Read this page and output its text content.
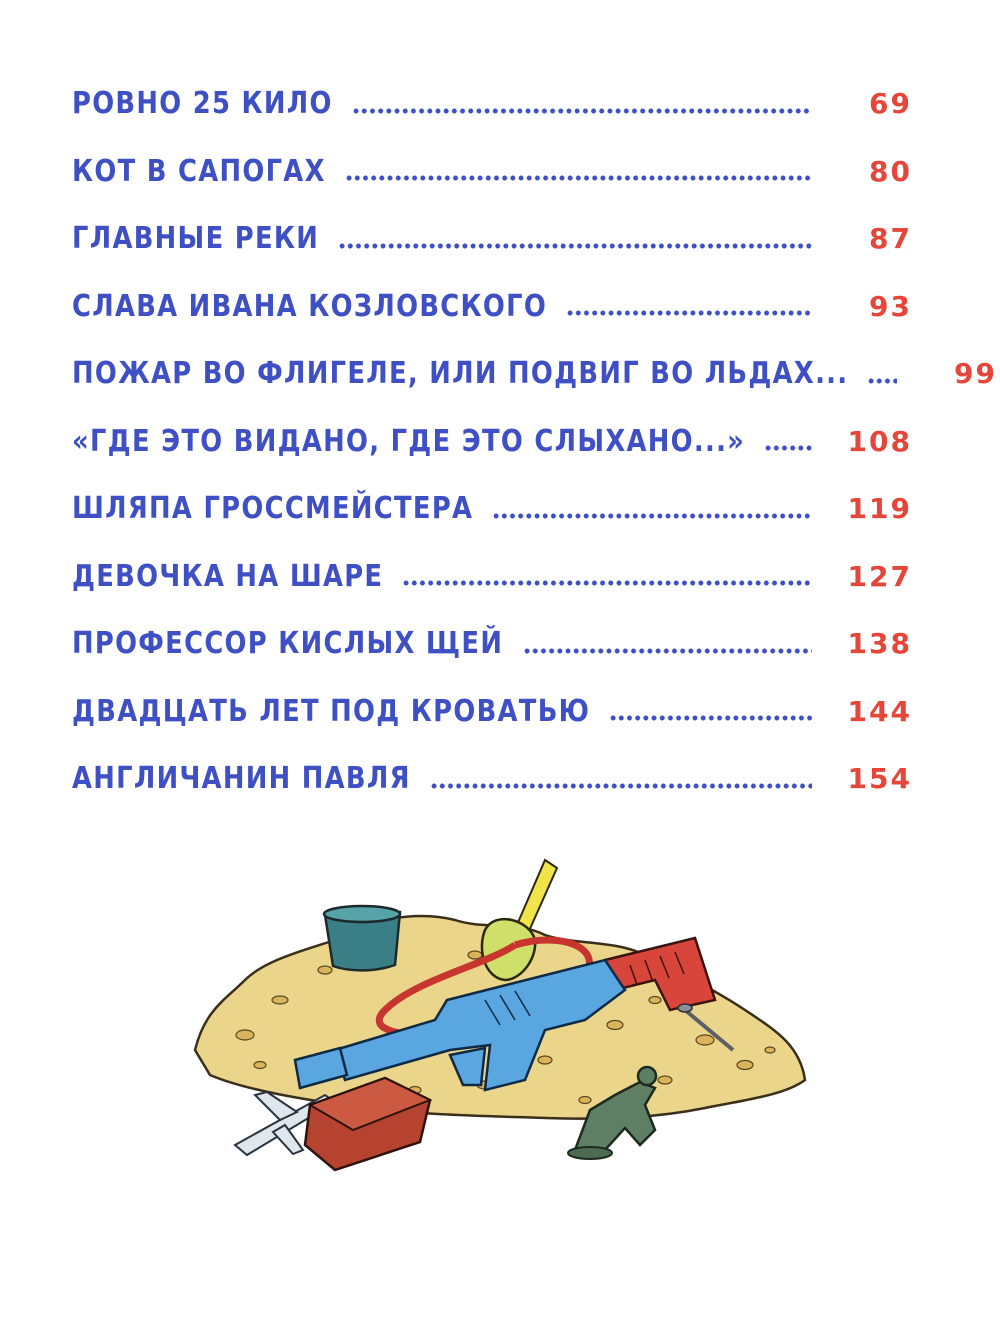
РОВНО 25 КИЛО	69
КОТ В САПОГАХ	80
ГЛАВНЫЕ РЕКИ	87
СЛАВА ИВАНА КОЗЛОВСКОГО	93
ПОЖАР ВО ФЛИГЕЛЕ, ИЛИ ПОДВИГ ВО ЛЬДАХ...	99
«ГДЕ ЭТО ВИДАНО, ГДЕ ЭТО СЛЫХАНО...»	108
ШЛЯПА ГРОССМЕЙСТЕРА	119
ДЕВОЧКА НА ШАРЕ	127
ПРОФЕССОР КИСЛЫХ ЩЕЙ	138
ДВАДЦАТЬ ЛЕТ ПОД КРОВАТЬЮ	144
АНГЛИЧАНИН ПАВЛЯ	154
